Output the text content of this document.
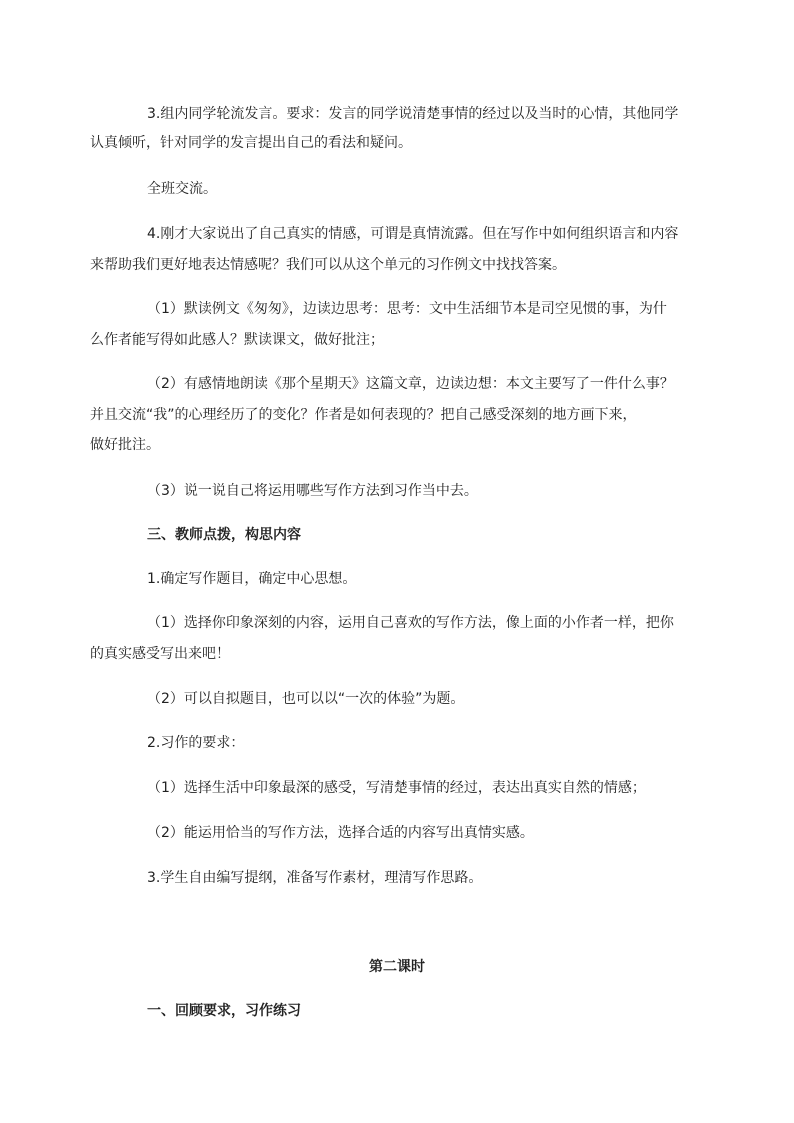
3.组内同学轮流发言。要求：发言的同学说清楚事情的经过以及当时的心情，其他同学
认真倾听，针对同学的发言提出自己的看法和疑问。
全班交流。
4.刚才大家说出了自己真实的情感，可谓是真情流露。但在写作中如何组织语言和内容
来帮助我们更好地表达情感呢？我们可以从这个单元的习作例文中找找答案。
（1）默读例文《匆匆》，边读边思考：思考：文中生活细节本是司空见惯的事，为什
么作者能写得如此感人？默读课文，做好批注；
（2）有感情地朗读《那个星期天》这篇文章，边读边想：本文主要写了一件什么事？
并且交流“我”的心理经历了的变化？作者是如何表现的？把自己感受深刻的地方画下来，
做好批注。
（3）说一说自己将运用哪些写作方法到习作当中去。
三、教师点拨，构思内容
1.确定写作题目，确定中心思想。
（1）选择你印象深刻的内容，运用自己喜欢的写作方法，像上面的小作者一样，把你
的真实感受写出来吧！
（2）可以自拟题目，也可以以“一次的体验”为题。
2.习作的要求：
（1）选择生活中印象最深的感受，写清楚事情的经过，表达出真实自然的情感；
（2）能运用恰当的写作方法，选择合适的内容写出真情实感。
3.学生自由编写提纲，准备写作素材，理清写作思路。
第二课时
一、回顾要求，习作练习
